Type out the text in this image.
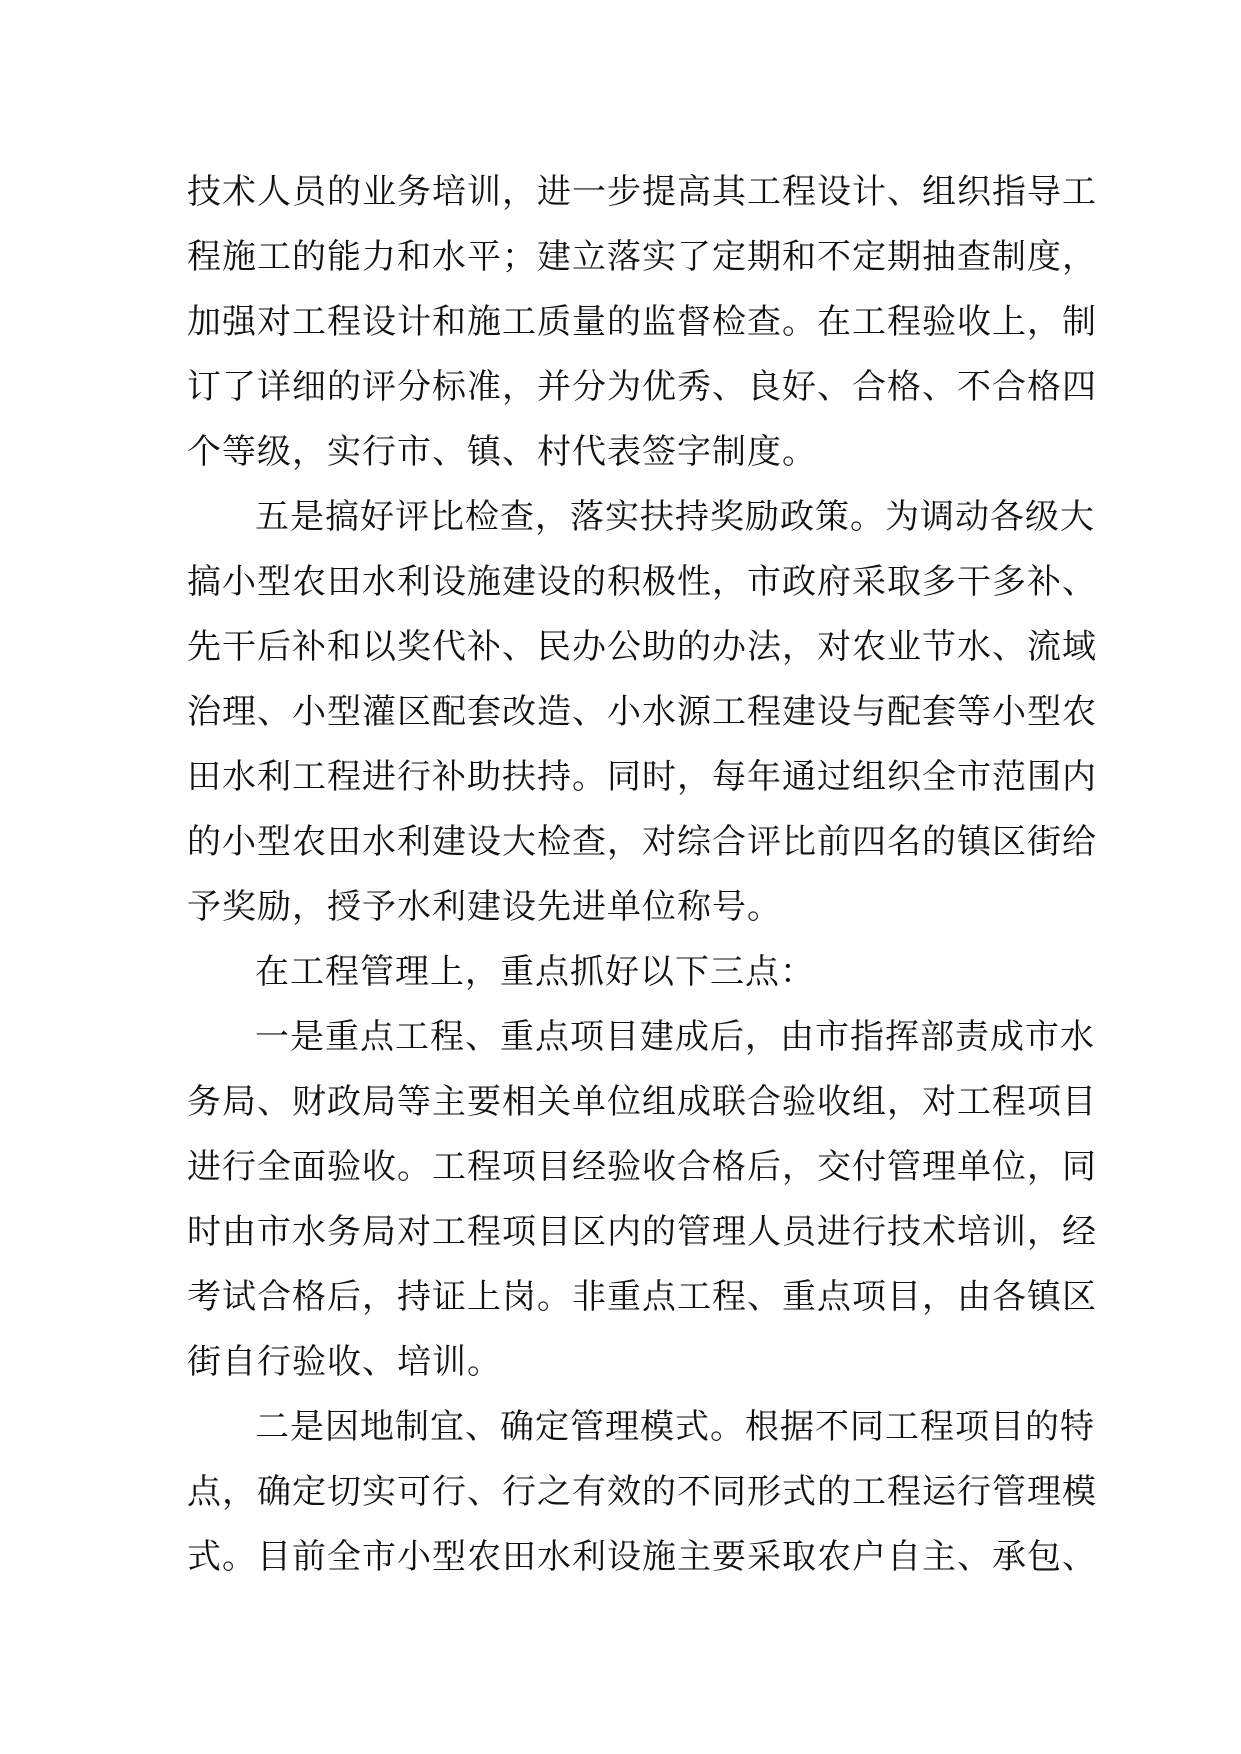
技术人员的业务培训，进一步提高其工程设计、组织指导工
程施工的能力和水平；建立落实了定期和不定期抽查制度，
加强对工程设计和施工质量的监督检查。在工程验收上，制
订了详细的评分标准，并分为优秀、良好、合格、不合格四
个等级，实行市、镇、村代表签字制度。
五是搞好评比检查，落实扶持奖励政策。为调动各级大
搞小型农田水利设施建设的积极性，市政府采取多干多补、
先干后补和以奖代补、民办公助的办法，对农业节水、流域
治理、小型灌区配套改造、小水源工程建设与配套等小型农
田水利工程进行补助扶持。同时，每年通过组织全市范围内
的小型农田水利建设大检查，对综合评比前四名的镇区街给
予奖励，授予水利建设先进单位称号。
在工程管理上，重点抓好以下三点：
一是重点工程、重点项目建成后，由市指挥部责成市水
务局、财政局等主要相关单位组成联合验收组，对工程项目
进行全面验收。工程项目经验收合格后，交付管理单位，同
时由市水务局对工程项目区内的管理人员进行技术培训，经
考试合格后，持证上岗。非重点工程、重点项目，由各镇区
街自行验收、培训。
二是因地制宜、确定管理模式。根据不同工程项目的特
点，确定切实可行、行之有效的不同形式的工程运行管理模
式。目前全市小型农田水利设施主要采取农户自主、承包、
